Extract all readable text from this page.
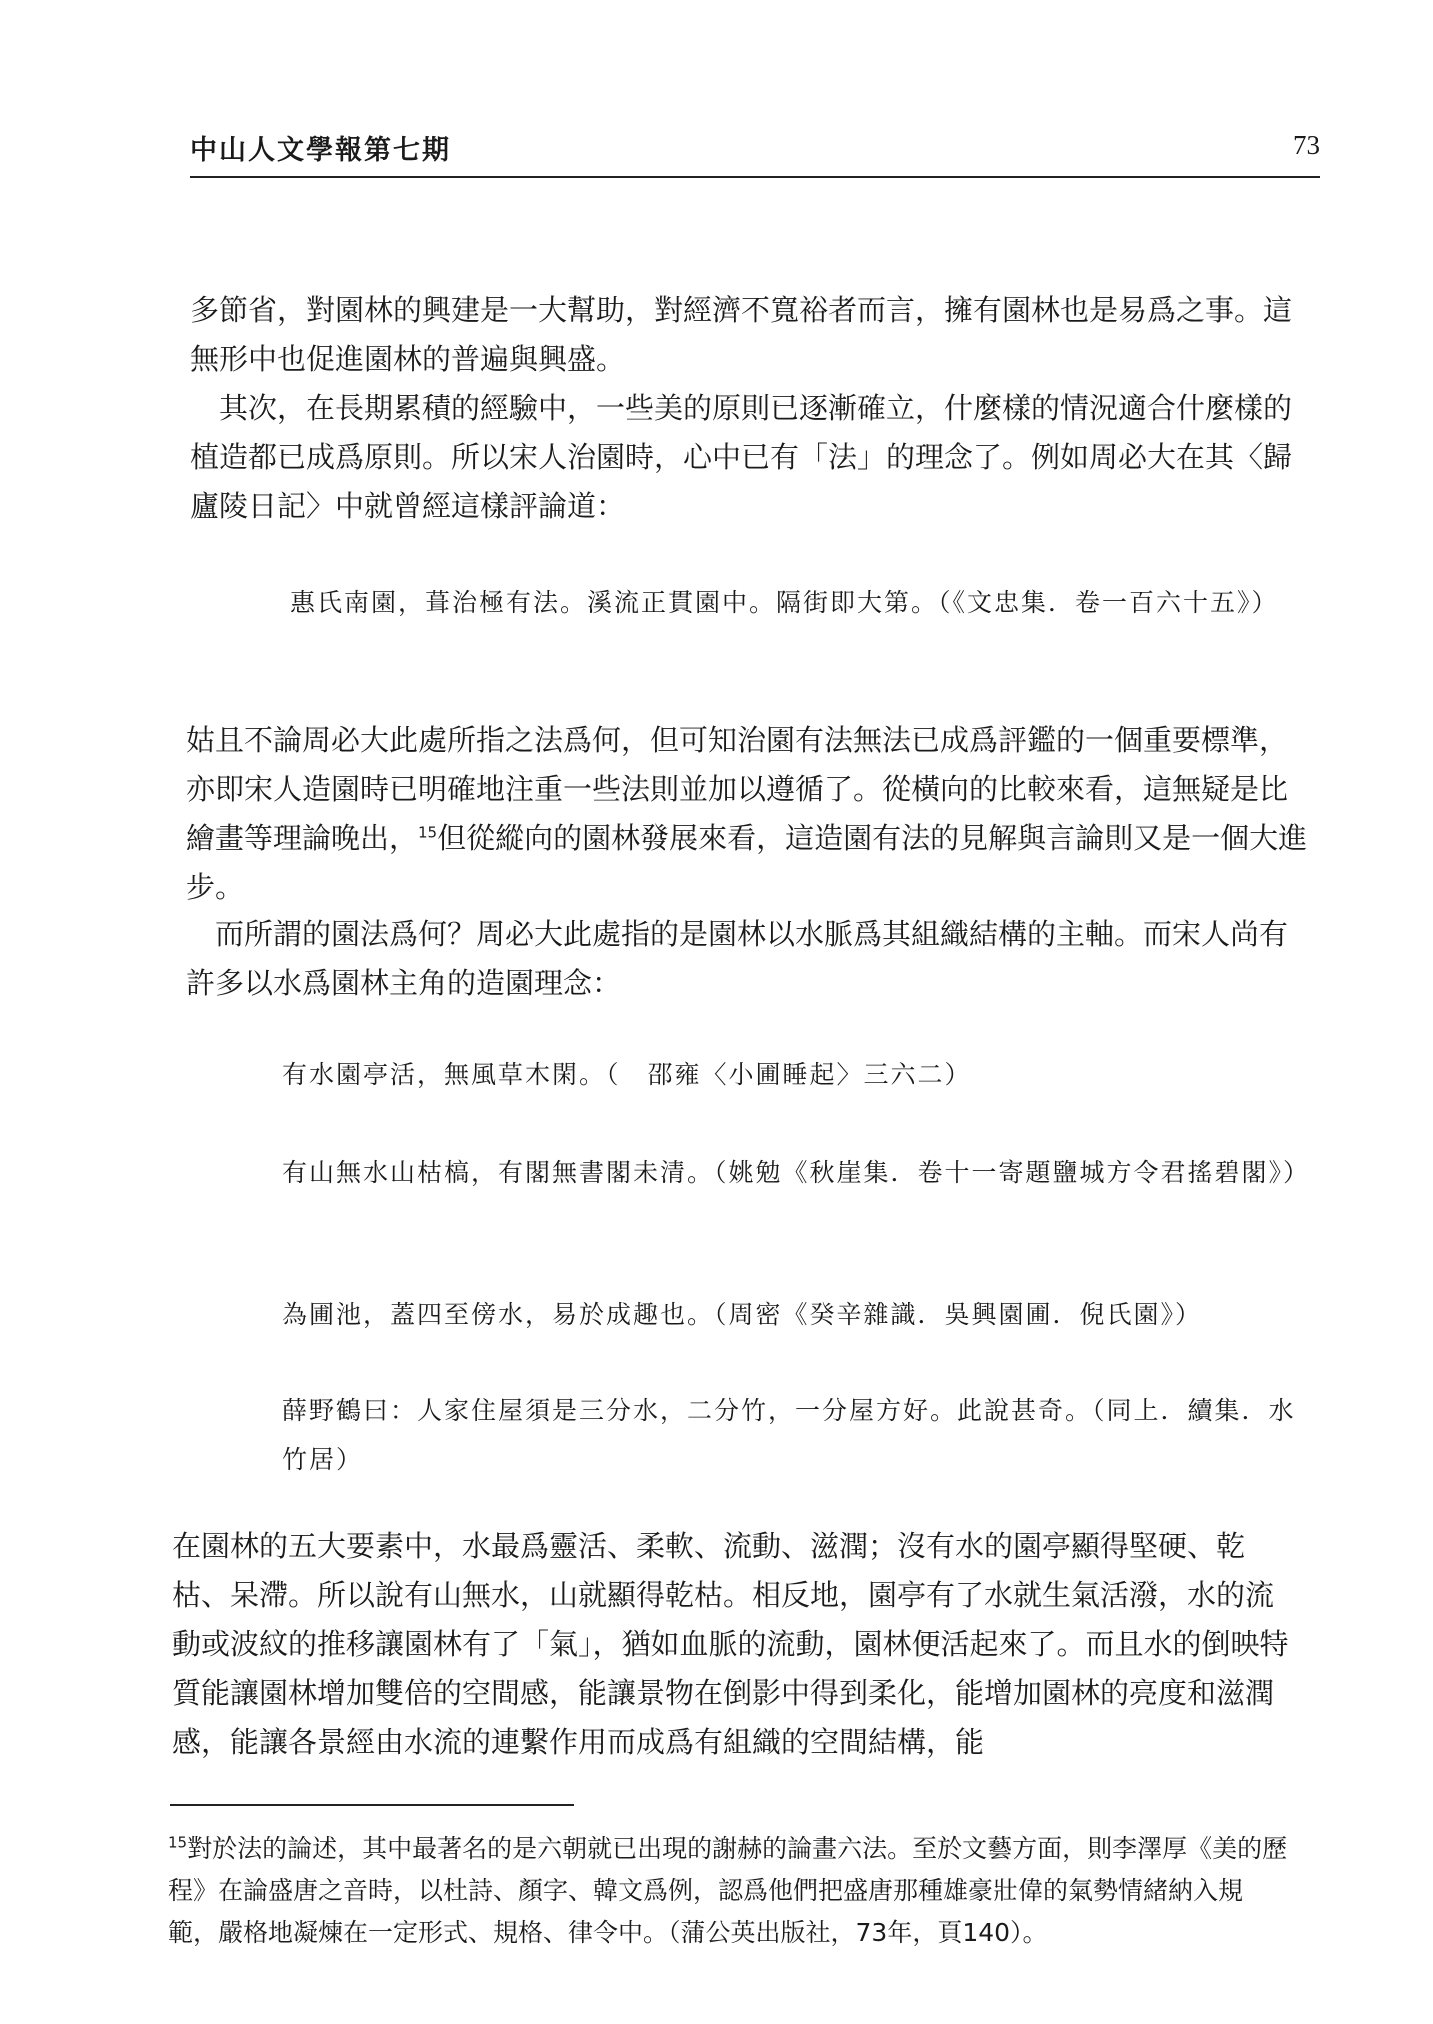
中山人文學報第七期	73

多節省，對園林的興建是一大幫助，對經濟不寬裕者而言，擁有園林也是易爲之事。這無形中也促進園林的普遍與興盛。

　其次，在長期累積的經驗中，一些美的原則已逐漸確立，什麼樣的情況適合什麼樣的植造都已成爲原則。所以宋人治園時，心中已有「法」的理念了。例如周必大在其〈歸廬陵日記〉中就曾經這樣評論道：

惠氏南園，葺治極有法。溪流正貫園中。隔街即大第。（《文忠集．卷一百六十五》）

姑且不論周必大此處所指之法爲何，但可知治園有法無法已成爲評鑑的一個重要標準，亦即宋人造園時已明確地注重一些法則並加以遵循了。從橫向的比較來看，這無疑是比繪畫等理論晚出，$^{15}$但從縱向的園林發展來看，這造園有法的見解與言論則又是一個大進步。

　而所謂的園法爲何？周必大此處指的是園林以水脈爲其組織結構的主軸。而宋人尚有許多以水爲園林主角的造園理念：

有水園亭活，無風草木閑。（　邵雍〈小圃睡起〉三六二）

有山無水山枯槁，有閣無書閣未清。（姚勉《秋崖集．卷十一寄題鹽城方令君搖碧閣》）

為圃池，蓋四至傍水，易於成趣也。（周密《癸辛雜識．吳興園圃．倪氏園》）

薛野鶴曰：人家住屋須是三分水，二分竹，一分屋方好。此說甚奇。（同上．續集．水竹居）

在園林的五大要素中，水最爲靈活、柔軟、流動、滋潤；沒有水的園亭顯得堅硬、乾枯、呆滯。所以說有山無水，山就顯得乾枯。相反地，園亭有了水就生氣活潑，水的流動或波紋的推移讓園林有了「氣」，猶如血脈的流動，園林便活起來了。而且水的倒映特質能讓園林增加雙倍的空間感，能讓景物在倒影中得到柔化，能增加園林的亮度和滋潤感，能讓各景經由水流的連繫作用而成爲有組織的空間結構，能

$^{15}$對於法的論述，其中最著名的是六朝就已出現的謝赫的論畫六法。至於文藝方面，則李澤厚《美的歷程》在論盛唐之音時，以杜詩、顏字、韓文爲例，認爲他們把盛唐那種雄豪壯偉的氣勢情緒納入規範，嚴格地凝煉在一定形式、規格、律令中。（蒲公英出版社，73年，頁140）。
